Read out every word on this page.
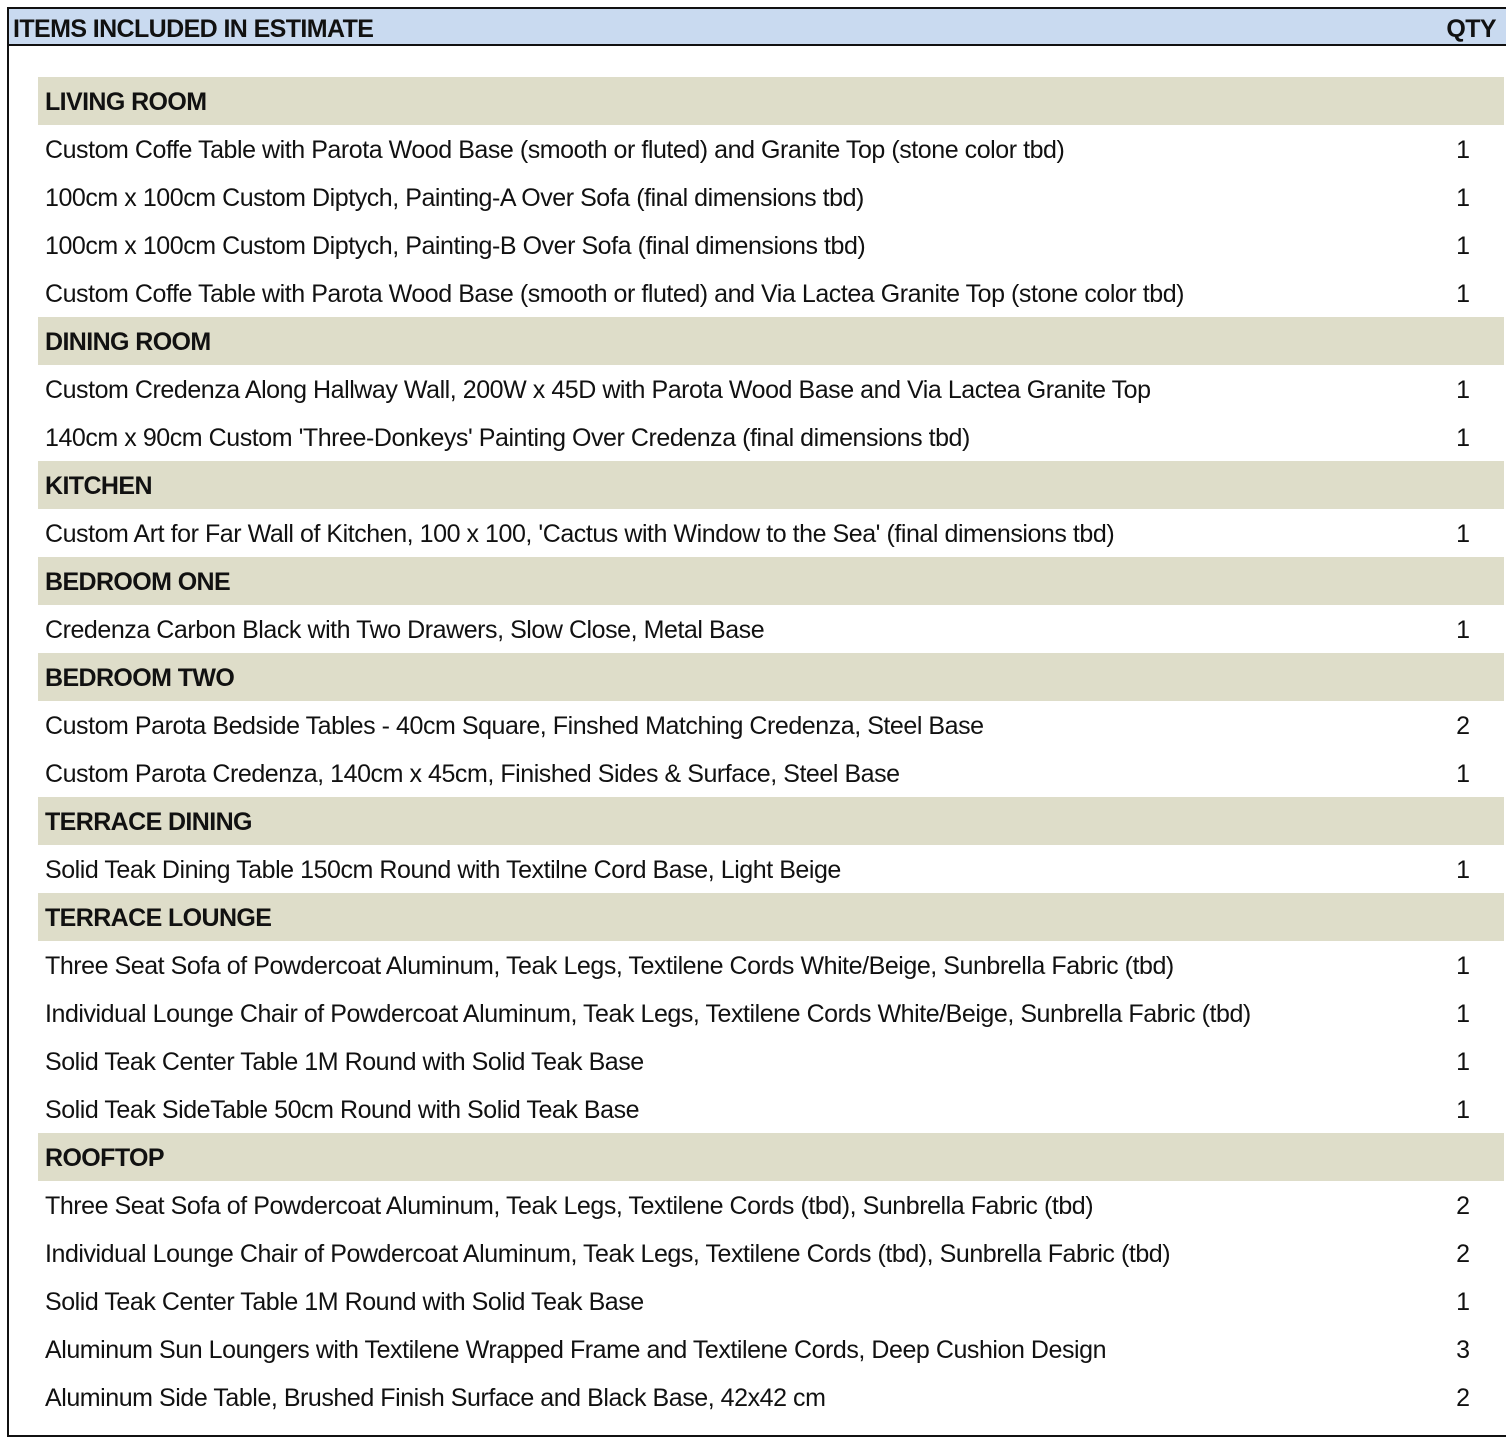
ITEMS INCLUDED IN ESTIMATE	QTY
LIVING ROOM
Custom Coffe Table with Parota Wood Base (smooth or fluted) and Granite Top (stone color tbd)	1
100cm x 100cm Custom Diptych, Painting-A Over Sofa (final dimensions tbd)	1
100cm x 100cm Custom Diptych, Painting-B Over Sofa (final dimensions tbd)	1
Custom Coffe Table with Parota Wood Base (smooth or fluted) and Via Lactea Granite Top (stone color tbd)	1
DINING ROOM
Custom Credenza Along Hallway Wall, 200W x 45D with Parota Wood Base and Via Lactea Granite Top	1
140cm x 90cm Custom 'Three-Donkeys' Painting Over Credenza (final dimensions tbd)	1
KITCHEN
Custom Art for Far Wall of Kitchen, 100 x 100, 'Cactus with Window to the Sea' (final dimensions tbd)	1
BEDROOM ONE
Credenza Carbon Black with Two Drawers, Slow Close, Metal Base	1
BEDROOM TWO
Custom Parota Bedside Tables - 40cm Square, Finshed Matching Credenza, Steel Base	2
Custom Parota Credenza, 140cm x 45cm, Finished Sides & Surface, Steel Base	1
TERRACE DINING
Solid Teak Dining Table 150cm Round with Textilne Cord Base, Light Beige	1
TERRACE LOUNGE
Three Seat Sofa of Powdercoat Aluminum, Teak Legs, Textilene Cords White/Beige, Sunbrella Fabric (tbd)	1
Individual Lounge Chair of Powdercoat Aluminum, Teak Legs, Textilene Cords White/Beige, Sunbrella Fabric (tbd)	1
Solid Teak Center Table 1M Round with Solid Teak Base	1
Solid Teak SideTable 50cm Round with Solid Teak Base	1
ROOFTOP
Three Seat Sofa of Powdercoat Aluminum, Teak Legs, Textilene Cords (tbd), Sunbrella Fabric (tbd)	2
Individual Lounge Chair of Powdercoat Aluminum, Teak Legs, Textilene Cords (tbd), Sunbrella Fabric (tbd)	2
Solid Teak Center Table 1M Round with Solid Teak Base	1
Aluminum Sun Loungers with Textilene Wrapped Frame and Textilene Cords, Deep Cushion Design	3
Aluminum Side Table, Brushed Finish Surface and Black Base, 42x42 cm	2
